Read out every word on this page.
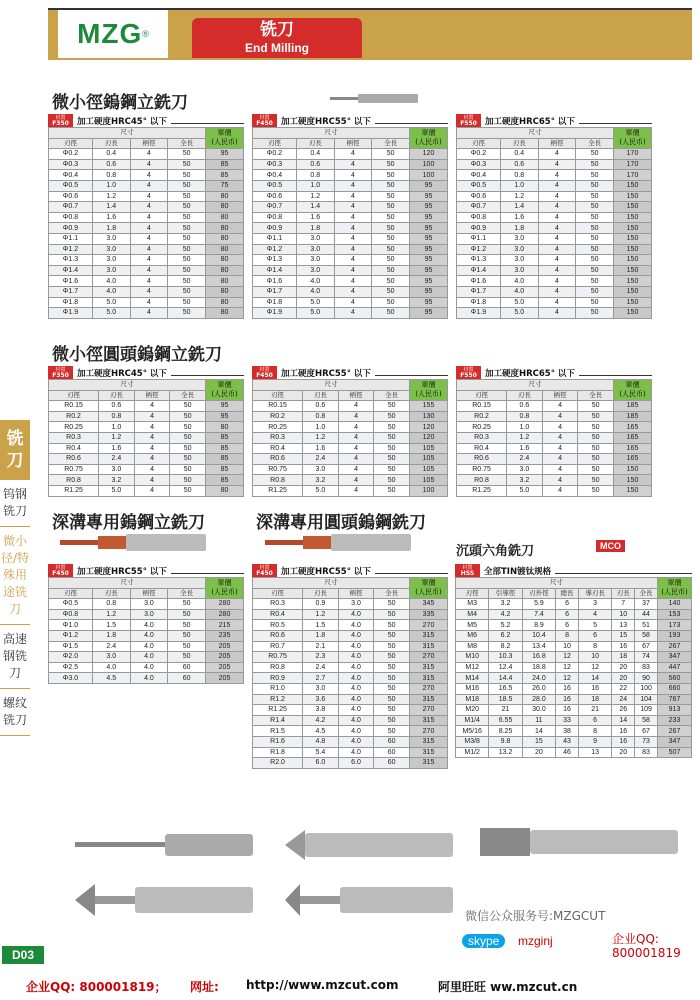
MZG ®	铣刀
End Milling
铣刀
钨钢铣刀
微小径/特殊用途铣刀
高速钢铣刀
螺纹铣刀
微小徑鎢鋼立銑刀
材質
F350 加工硬度HRC45° 以下
尺寸				單價
(人民币)
刃徑	刃長	柄徑	全長	
Φ0.2	0.4	4	50	95
Φ0.3	0.6	4	50	85
Φ0.4	0.8	4	50	85
Φ0.5	1.0	4	50	75
Φ0.6	1.2	4	50	80
Φ0.7	1.4	4	50	80
Φ0.8	1.6	4	50	80
Φ0.9	1.8	4	50	80
Φ1.1	3.0	4	50	80
Φ1.2	3.0	4	50	80
Φ1.3	3.0	4	50	80
Φ1.4	3.0	4	50	80
Φ1.6	4.0	4	50	80
Φ1.7	4.0	4	50	80
Φ1.8	5.0	4	50	80
Φ1.9	5.0	4	50	80
材質
F450 加工硬度HRC55° 以下
尺寸				單價
(人民币)
刃徑	刃長	柄徑	全長	
Φ0.2	0.4	4	50	120
Φ0.3	0.6	4	50	100
Φ0.4	0.8	4	50	100
Φ0.5	1.0	4	50	95
Φ0.6	1.2	4	50	95
Φ0.7	1.4	4	50	95
Φ0.8	1.6	4	50	95
Φ0.9	1.8	4	50	95
Φ1.1	3.0	4	50	95
Φ1.2	3.0	4	50	95
Φ1.3	3.0	4	50	95
Φ1.4	3.0	4	50	95
Φ1.6	4.0	4	50	95
Φ1.7	4.0	4	50	95
Φ1.8	5.0	4	50	95
Φ1.9	5.0	4	50	95
材質
F550 加工硬度HRC65° 以下
尺寸				單價
(人民币)
刃徑	刃長	柄徑	全長	
Φ0.2	0.4	4	50	170
Φ0.3	0.6	4	50	170
Φ0.4	0.8	4	50	170
Φ0.5	1.0	4	50	150
Φ0.6	1.2	4	50	150
Φ0.7	1.4	4	50	150
Φ0.8	1.6	4	50	150
Φ0.9	1.8	4	50	150
Φ1.1	3.0	4	50	150
Φ1.2	3.0	4	50	150
Φ1.3	3.0	4	50	150
Φ1.4	3.0	4	50	150
Φ1.6	4.0	4	50	150
Φ1.7	4.0	4	50	150
Φ1.8	5.0	4	50	150
Φ1.9	5.0	4	50	150
微小徑圓頭鎢鋼立銑刀
材質
F350 加工硬度HRC45° 以下
尺寸				單價
(人民币)
刃徑	刃長	柄徑	全長	
R0.15	0.6	4	50	95
R0.2	0.8	4	50	95
R0.25	1.0	4	50	80
R0.3	1.2	4	50	85
R0.4	1.6	4	50	85
R0.6	2.4	4	50	85
R0.75	3.0	4	50	85
R0.8	3.2	4	50	85
R1.25	5.0	4	50	80
材質
F450 加工硬度HRC55° 以下
尺寸				單價
(人民币)
刃徑	刃長	柄徑	全長	
R0.15	0.6	4	50	155
R0.2	0.8	4	50	130
R0.25	1.0	4	50	120
R0.3	1.2	4	50	120
R0.4	1.6	4	50	105
R0.6	2.4	4	50	105
R0.75	3.0	4	50	105
R0.8	3.2	4	50	105
R1.25	5.0	4	50	100
材質
F550 加工硬度HRC65° 以下
尺寸				單價
(人民币)
刃徑	刃長	柄徑	全長	
R0.15	0.6	4	50	185
R0.2	0.8	4	50	185
R0.25	1.0	4	50	165
R0.3	1.2	4	50	165
R0.4	1.6	4	50	165
R0.6	2.4	4	50	165
R0.75	3.0	4	50	150
R0.8	3.2	4	50	150
R1.25	5.0	4	50	150
深溝專用鎢鋼立銑刀	深溝專用圓頭鎢鋼銑刀
沉頭六角銑刀	MCO
材質
F450 加工硬度HRC55° 以下
尺寸				單價
(人民币)
刃徑	刃長	柄徑	全長	
Φ0.5	0.8	3.0	50	280
Φ0.8	1.2	3.0	50	280
Φ1.0	1.5	4.0	50	215
Φ1.2	1.8	4.0	50	235
Φ1.5	2.4	4.0	50	205
Φ2.0	3.0	4.0	50	205
Φ2.5	4.0	4.0	60	205
Φ3.0	4.5	4.0	60	205
材質
F450 加工硬度HRC55° 以下
尺寸				單價
(人民币)
刃徑	刃長	柄徑	全長	
R0.3	0.9	3.0	50	345
R0.4	1.2	4.0	50	335
R0.5	1.5	4.0	50	270
R0.6	1.8	4.0	50	315
R0.7	2.1	4.0	50	315
R0.75	2.3	4.0	50	270
R0.8	2.4	4.0	50	315
R0.9	2.7	4.0	50	315
R1.0	3.0	4.0	50	270
R1.2	3.6	4.0	50	315
R1.25	3.8	4.0	50	270
R1.4	4.2	4.0	50	315
R1.5	4.5	4.0	50	270
R1.6	4.8	4.0	60	315
R1.8	5.4	4.0	60	315
R2.0	6.0	6.0	60	315
材質
HSS	全部TIN镀钛规格
尺寸							單價
(人民币)
刃徑	引導徑	刃外徑	總長	導刃長	刃長	全長	
M3	3.2	5.9	6	3	7	37	140
M4	4.2	7.4	6	4	10	44	153
M5	5.2	8.9	6	5	13	51	173
M6	6.2	10.4	8	6	15	58	193
M8	8.2	13.4	10	8	16	67	267
M10	10.3	16.8	12	10	18	74	347
M12	12.4	18.8	12	12	20	83	447
M14	14.4	24.0	12	14	20	90	560
M16	16.5	26.0	16	16	22	100	660
M18	18.5	28.0	16	18	24	104	767
M20	21	30.0	16	21	26	109	913
M1/4	6.55	11	33	6	14	58	233
M5/16	8.25	14	38	8	16	67	267
M3/8	9.8	15	43	9	16	73	347
M1/2	13.2	20	46	13	20	83	507
D03
微信公众服务号:MZGCUT
skype	mzginj	企业QQ:
800001819
企业QQ: 800001819； 网址: http://www.mzcut.com	阿里旺旺 ww.mzcut.cn
